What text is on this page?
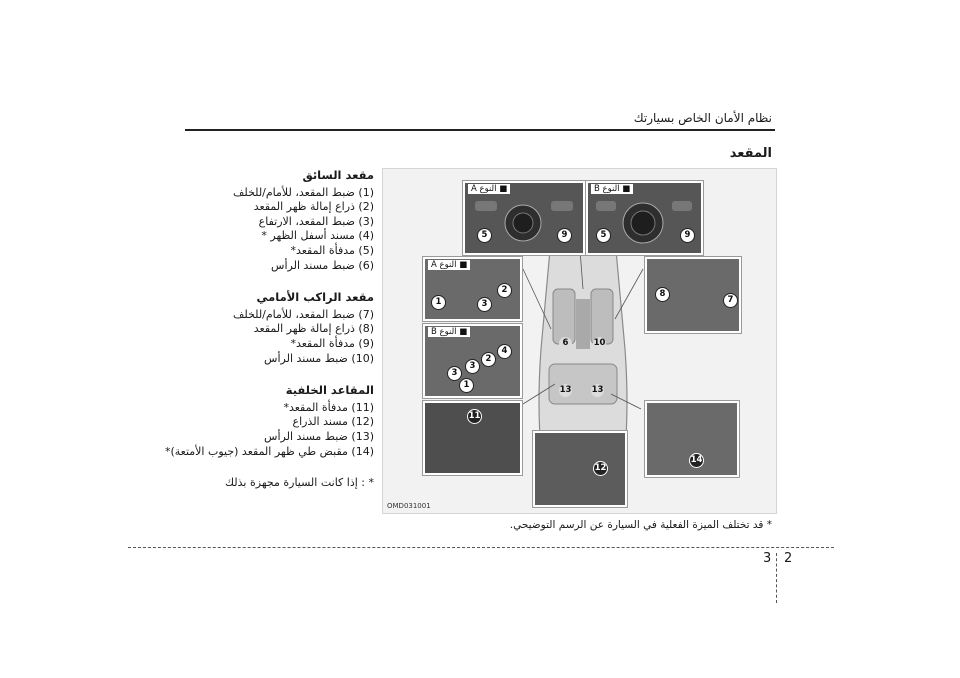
نظام الأمان الخاص بسيارتك
المقعد
مقعد السائق
(1) ضبط المقعد، للأمام/للخلف
(2) ذراع إمالة ظهر المقعد
(3) ضبط المقعد، الارتفاع
(4) مسند أسفل الظهر *
(5) مدفأة المقعد*
(6) ضبط مسند الرأس
مقعد الراكب الأمامي
(7) ضبط المقعد، للأمام/للخلف
(8) ذراع إمالة ظهر المقعد
(9) مدفأة المقعد*
(10) ضبط مسند الرأس
المقاعد الخلفية
(11) مدفأة المقعد*
(12) مسند الذراع
(13) ضبط مسند الرأس
(14) مقبض طي ظهر المقعد (جيوب الأمتعة)*
* : إذا كانت السيارة مجهزة بذلك
A النوع ■
5	9
B النوع ■
5	9
A النوع ■
1	3
2
B النوع ■
3
3
2
4
1
8
7
11
12
14
6	10
13 13
OMD031001
* قد تختلف الميزة الفعلية في السيارة عن الرسم التوضيحي.
3 2
